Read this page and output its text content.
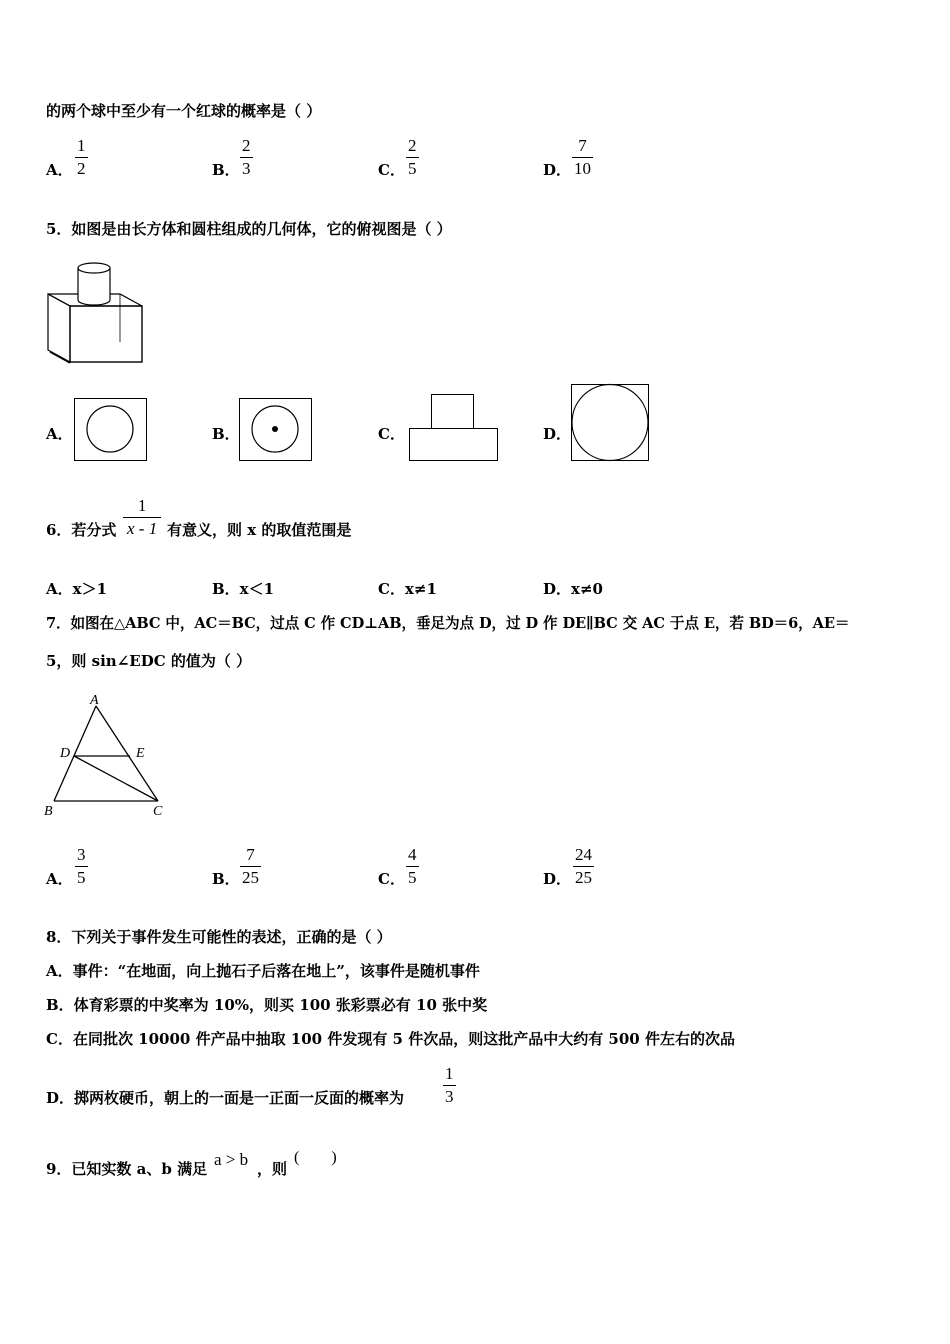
的两个球中至少有一个红球的概率是（ ）
A． $\frac{1}{2}$	B． $\frac{2}{3}$	C． $\frac{2}{5}$	D． $\frac{7}{10}$
5．如图是由长方体和圆柱组成的几何体，它的俯视图是（ ）
A．	B．	C．	D．
6．若分式 $\frac{1}{x - 1}$ 有意义，则 x 的取值范围是
A．x＞1	B．x＜1	C．x≠1	D．x≠0
7．如图在△ABC 中，AC＝BC，过点 C 作 CD⊥AB，垂足为点 D，过 D 作 DE∥BC 交 AC 于点 E，若 BD＝6，AE＝
5，则 sin∠EDC 的值为（ ）
A
D	E
B	C
A． $\frac{3}{5}$	B． $\frac{7}{25}$	C． $\frac{4}{5}$	D． $\frac{24}{25}$
8．下列关于事件发生可能性的表述，正确的是（ ）
A．事件：“在地面，向上抛石子后落在地上”，该事件是随机事件
B．体育彩票的中奖率为 10%，则买 100 张彩票必有 10 张中奖
C．在同批次 10000 件产品中抽取 100 件发现有 5 件次品，则这批产品中大约有 500 件左右的次品
D．掷两枚硬币，朝上的一面是一正面一反面的概率为 $\frac{1}{3}$
9．已知实数 a、b 满足 a > b ，则
(        )
